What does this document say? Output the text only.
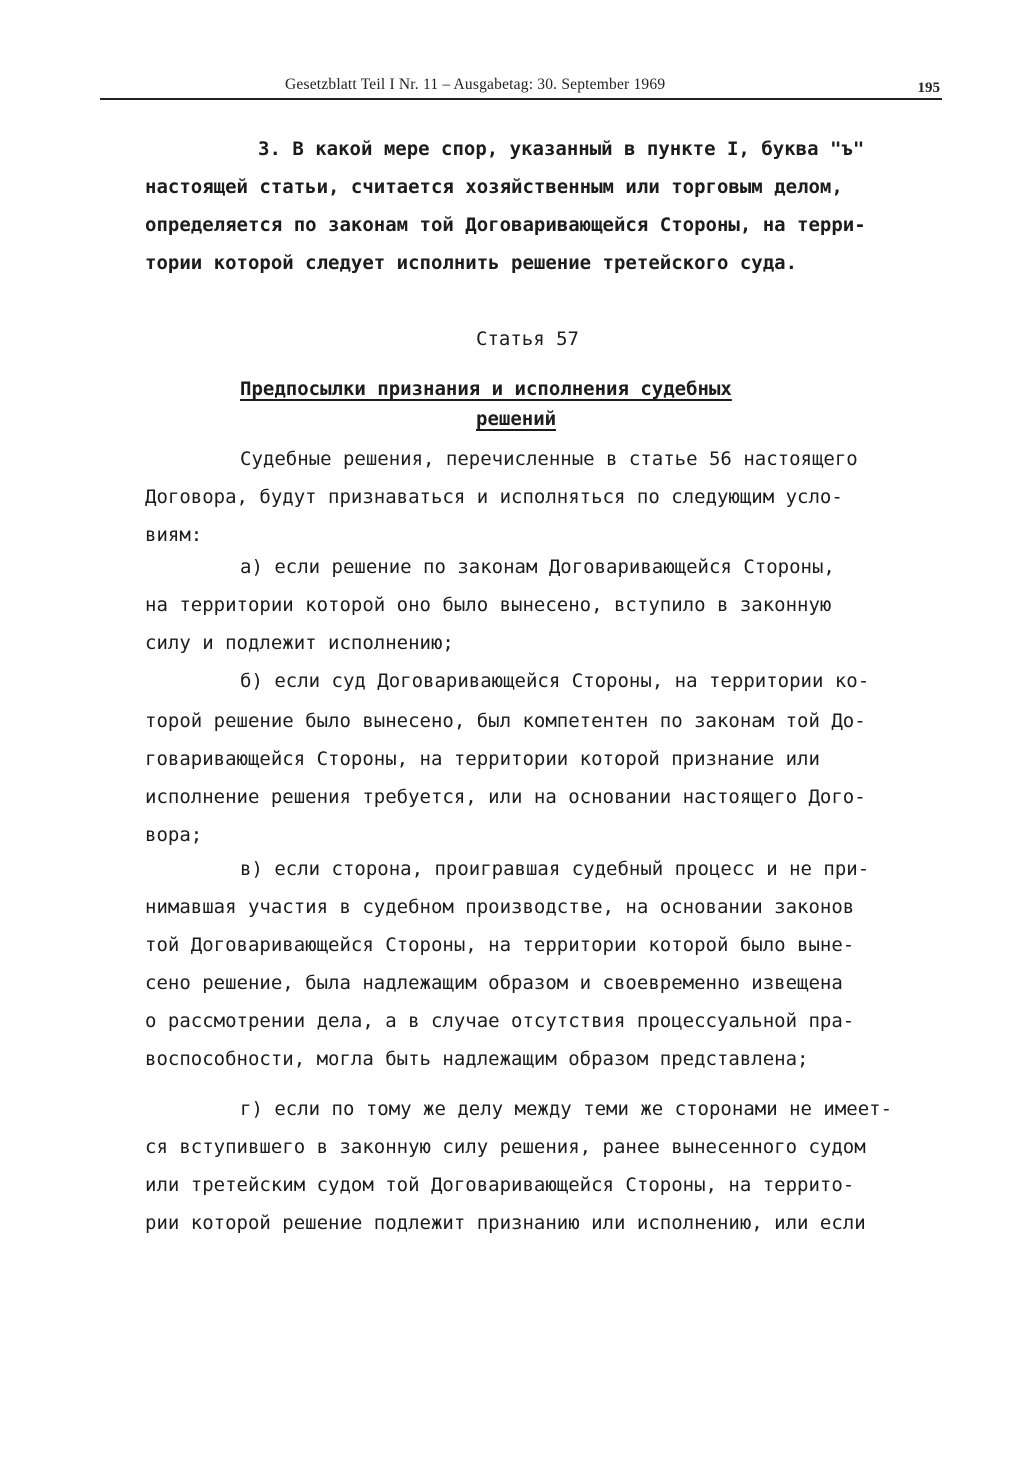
Gesetzblatt Teil I Nr. 11 – Ausgabetag: 30. September 1969	195
3. В какой мере спор, указанный в пункте I, буква "ъ"
настоящей статьи, считается хозяйственным или торговым делом,
определяется по законам той Договаривающейся Стороны, на терри-
тории которой следует исполнить решение третейского суда.
Статья 57
Предпосылки признания и исполнения судебных
решений
Судебные решения, перечисленные в статье 56 настоящего
Договора, будут признаваться и исполняться по следующим усло-
виям:
а) если решение по законам Договаривающейся Стороны,
на территории которой оно было вынесено, вступило в законную
силу и подлежит исполнению;
б) если суд Договаривающейся Стороны, на территории ко-
торой решение было вынесено, был компетентен по законам той До-
говаривающейся Стороны, на территории которой признание или
исполнение решения требуется, или на основании настоящего Дого-
вора;
в) если сторона, проигравшая судебный процесс и не при-
нимавшая участия в судебном производстве, на основании законов
той Договаривающейся Стороны, на территории которой было выне-
сено решение, была надлежащим образом и своевременно извещена
о рассмотрении дела, а в случае отсутствия процессуальной пра-
воспособности, могла быть надлежащим образом представлена;
г) если по тому же делу между теми же сторонами не имеет-
ся вступившего в законную силу решения, ранее вынесенного судом
или третейским судом той Договаривающейся Стороны, на террито-
рии которой решение подлежит признанию или исполнению, или если
